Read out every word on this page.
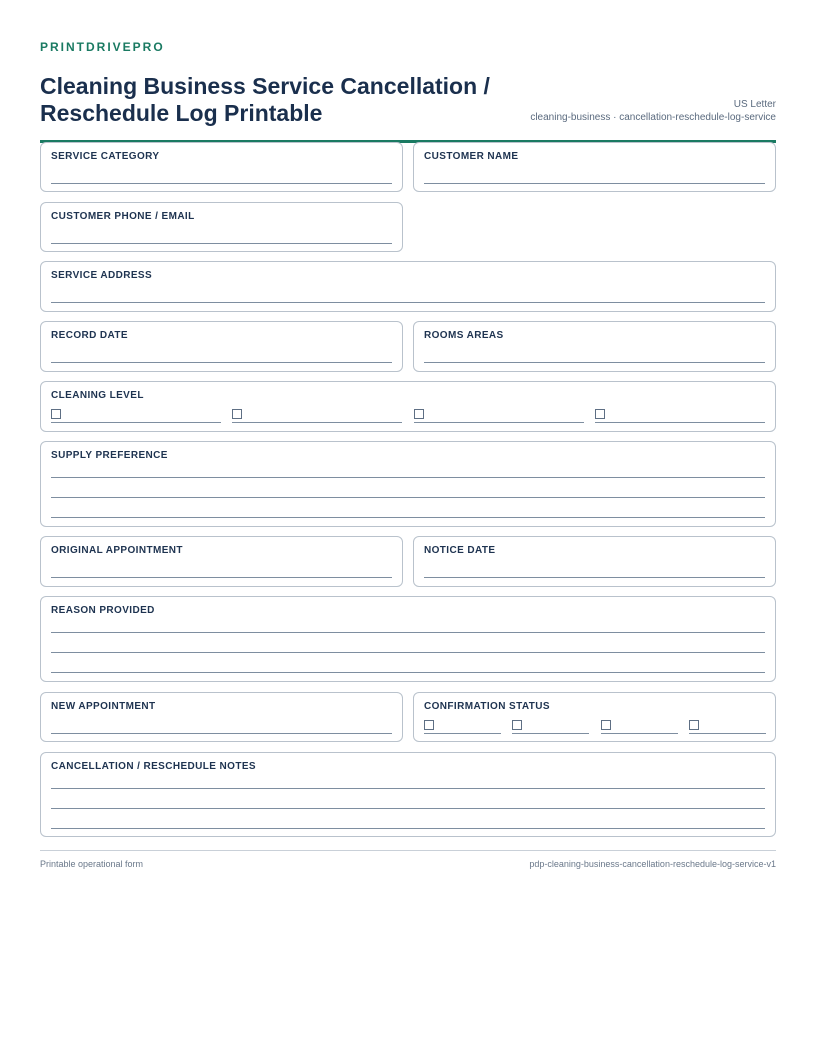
PRINTDRIVEPRO
Cleaning Business Service Cancellation /
Reschedule Log Printable	US Letter
cleaning-business · cancellation-reschedule-log-service
SERVICE CATEGORY	CUSTOMER NAME
CUSTOMER PHONE / EMAIL
SERVICE ADDRESS
RECORD DATE	ROOMS AREAS
CLEANING LEVEL
SUPPLY PREFERENCE
ORIGINAL APPOINTMENT	NOTICE DATE
REASON PROVIDED
NEW APPOINTMENT	CONFIRMATION STATUS
CANCELLATION / RESCHEDULE NOTES
Printable operational form	pdp-cleaning-business-cancellation-reschedule-log-service-v1
